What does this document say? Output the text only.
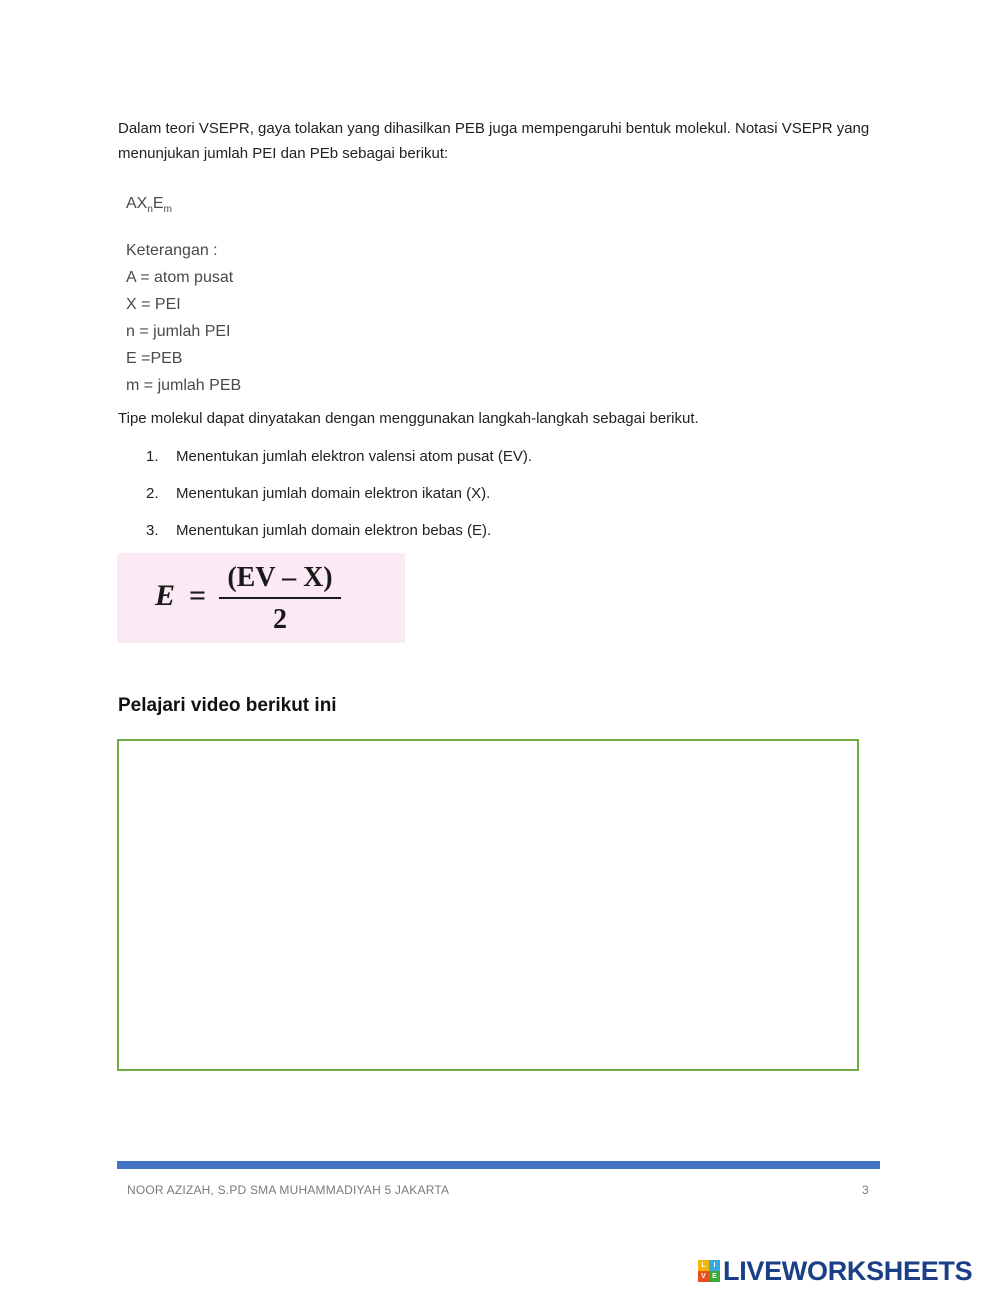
Dalam teori VSEPR, gaya tolakan yang dihasilkan PEB juga mempengaruhi bentuk molekul. Notasi VSEPR yang menunjukan jumlah PEI dan PEb sebagai berikut:

$AX_nE_m$
Keterangan :
A = atom pusat
X = PEI
n = jumlah PEI
E =PEB
m = jumlah PEB

Tipe molekul dapat dinyatakan dengan menggunakan langkah-langkah sebagai berikut.

1.	Menentukan jumlah elektron valensi atom pusat (EV).
2.	Menentukan jumlah domain elektron ikatan (X).
3.	Menentukan jumlah domain elektron bebas (E).
E =
(EV – X)
2
Pelajari video berikut ini
NOOR AZIZAH, S.PD SMA MUHAMMADIYAH 5 JAKARTA	3
L	I
V E LIVEWORKSHEETS
